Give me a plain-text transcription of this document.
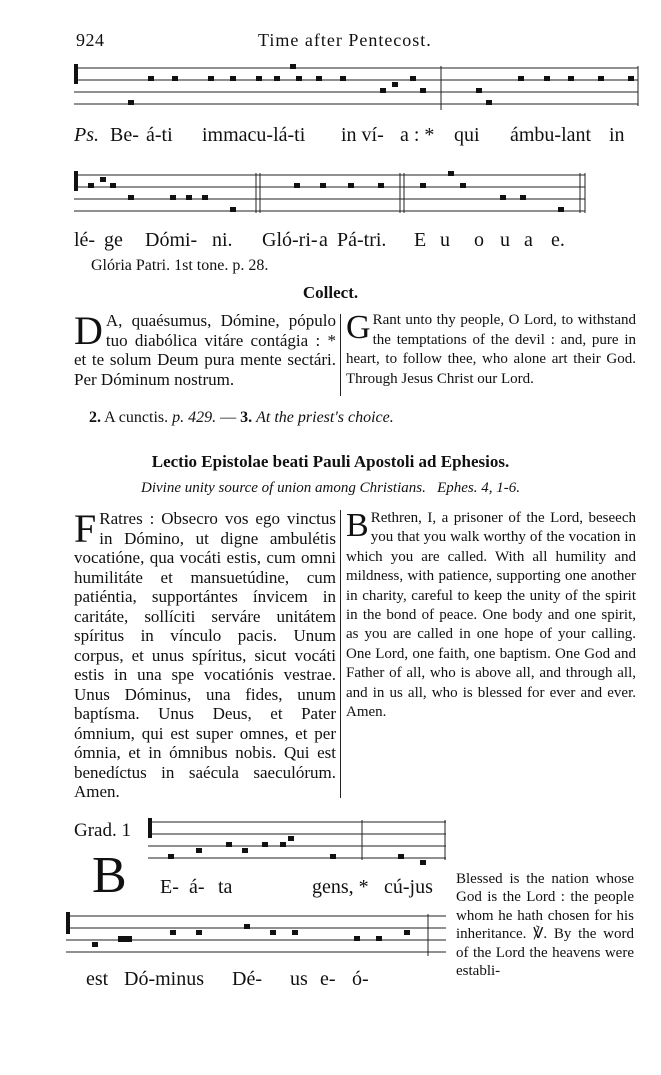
924	Time after Pentecost.
Ps. Be- á-ti immacu-lá-ti in ví- a : * qui ámbu-lant in
lé- ge Dómi- ni. Gló-ri- a Pá-tri. E u o u a e.
Glória Patri. 1st tone. p. 28.
Collect.
D A, quaésumus, Dómine, pópulo tuo diabólica vitáre contágia : * et te solum Deum pura mente sectári. Per Dóminum nostrum.
G Rant unto thy people, O Lord, to withstand the temptations of the devil : and, pure in heart, to follow thee, who alone art their God. Through Jesus Christ our Lord.
2. A cunctis. p. 429. — 3. At the priest's choice.
Lectio Epistolae beati Pauli Apostoli ad Ephesios.
Divine unity source of union among Christians.   Ephes. 4, 1-6.
F Ratres : Obsecro vos ego vinctus in Dómino, ut digne ambulétis vocatióne, qua vocáti estis, cum omni humilitáte et mansuetúdine, cum patiéntia, supportántes ínvicem in caritáte, sollíciti serváre unitátem spíritus in vínculo pacis. Unum corpus, et unus spíritus, sicut vocáti estis in una spe vocatiónis vestrae. Unus Dóminus, una fides, unum baptísma. Unus Deus, et Pater ómnium, qui est super omnes, et per ómnia, et in ómnibus nobis. Qui est benedíctus in saécula saeculórum. Amen.
B Rethren, I, a prisoner of the Lord, beseech you that you walk worthy of the vocation in which you are called. With all humility and mildness, with patience, supporting one another in charity, careful to keep the unity of the spirit in the bond of peace. One body and one spirit, as you are called in one hope of your calling. One Lord, one faith, one baptism. One God and Father of all, who is above all, and through all, and in us all, who is blessed for ever and ever. Amen.
Grad. 1
B E- á- ta	gens, * cú-jus
est Dó-minus Dé- us e- ó-
Blessed is the nation whose God is the Lord : the people whom he hath chosen for his inheritance. ℣. By the word of the Lord the heavens were establi-
